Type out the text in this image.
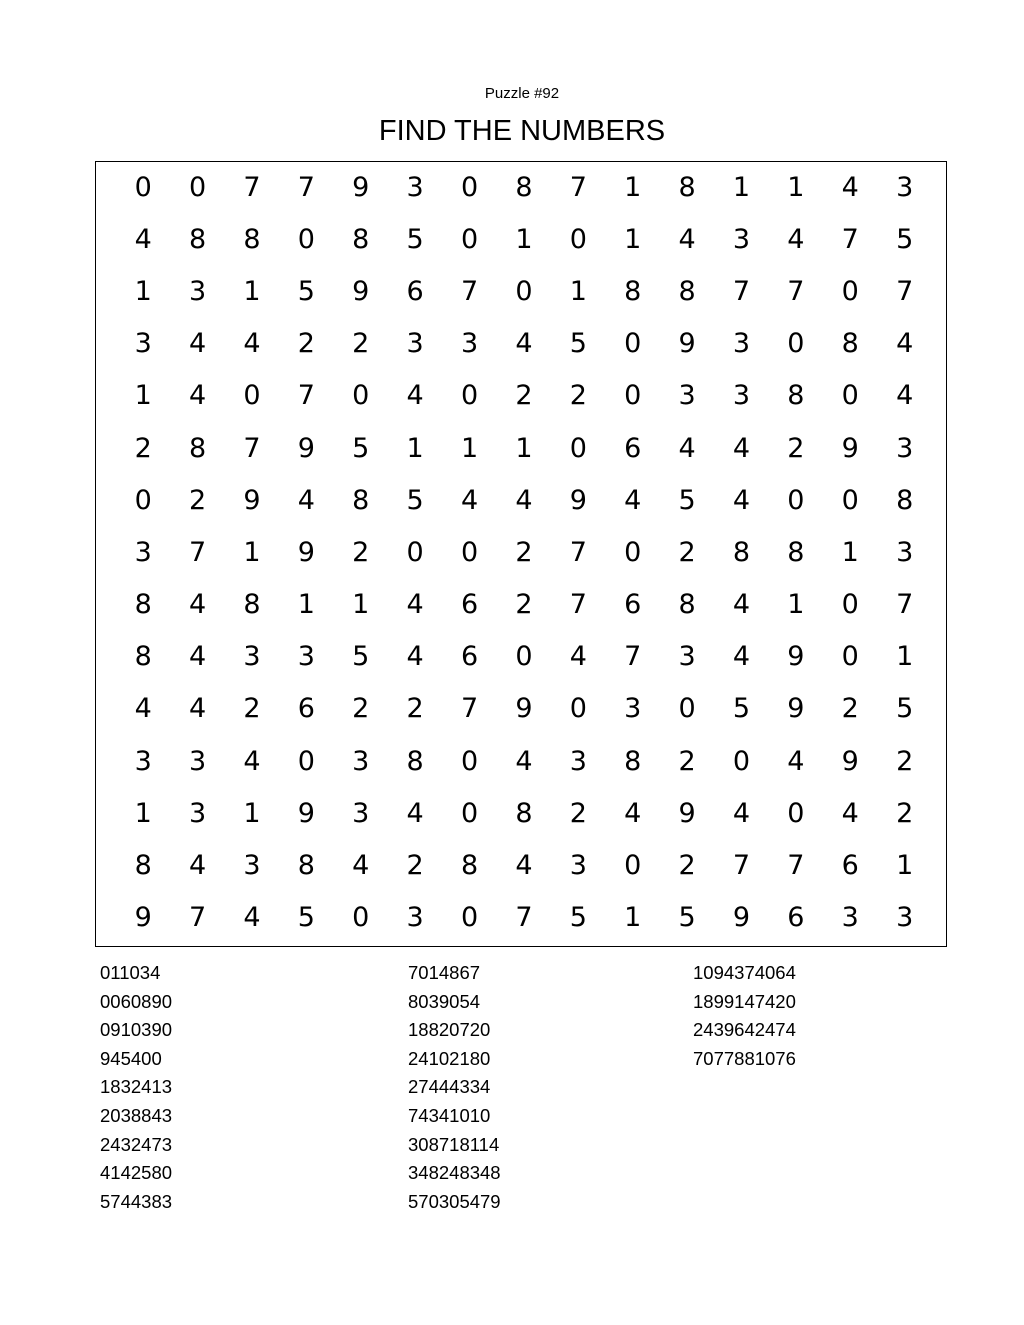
Puzzle #92
FIND THE NUMBERS
0	0	7	7	9	3	0	8	7	1	8	1	1	4	3
4	8	8	0	8	5	0	1	0	1	4	3	4	7	5
1	3	1	5	9	6	7	0	1	8	8	7	7	0	7
3	4	4	2	2	3	3	4	5	0	9	3	0	8	4
1	4	0	7	0	4	0	2	2	0	3	3	8	0	4
2	8	7	9	5	1	1	1	0	6	4	4	2	9	3
0	2	9	4	8	5	4	4	9	4	5	4	0	0	8
3	7	1	9	2	0	0	2	7	0	2	8	8	1	3
8	4	8	1	1	4	6	2	7	6	8	4	1	0	7
8	4	3	3	5	4	6	0	4	7	3	4	9	0	1
4	4	2	6	2	2	7	9	0	3	0	5	9	2	5
3	3	4	0	3	8	0	4	3	8	2	0	4	9	2
1	3	1	9	3	4	0	8	2	4	9	4	0	4	2
8	4	3	8	4	2	8	4	3	0	2	7	7	6	1
9	7	4	5	0	3	0	7	5	1	5	9	6	3	3
011034
0060890
0910390
945400
1832413
2038843
2432473
4142580
5744383
7014867
8039054
18820720
24102180
27444334
74341010
308718114
348248348
570305479
1094374064
1899147420
2439642474
7077881076
